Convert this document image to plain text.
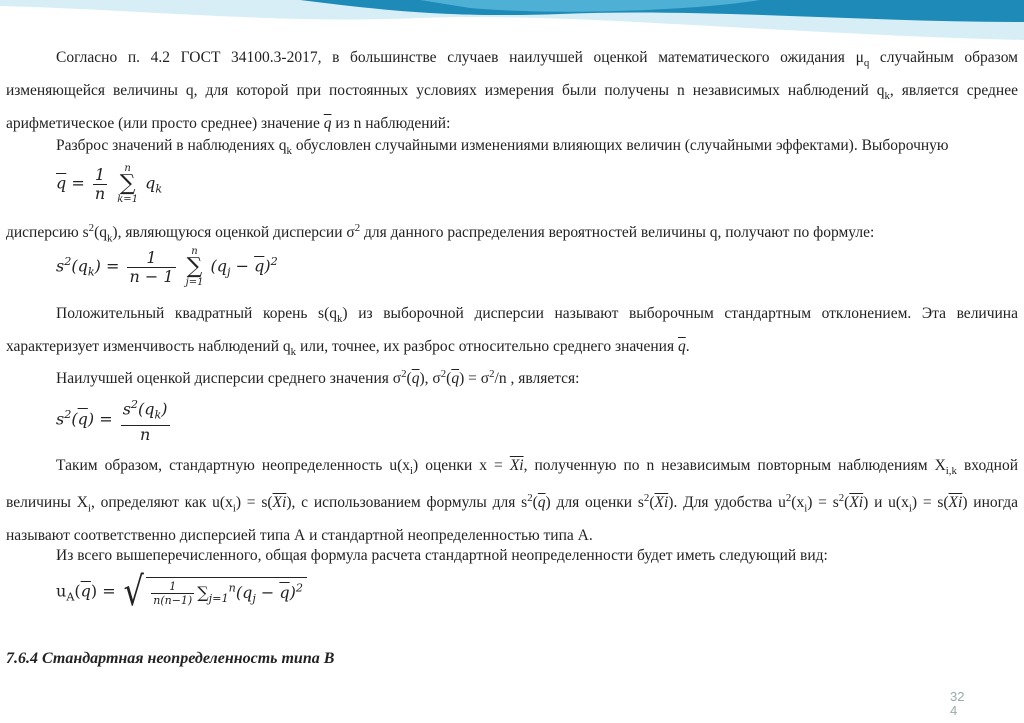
Согласно п. 4.2 ГОСТ 34100.3-2017, в большинстве случаев наилучшей оценкой математического ожидания $\mu_q$ случайным образом изменяющейся величины q, для которой при постоянных условиях измерения были получены n независимых наблюдений $q_k$, является среднее арифметическое (или просто среднее) значение $\overline{q}$ из n наблюдений:

Разброс значений в наблюдениях $q_k$ обусловлен случайными изменениями влияющих величин (случайными эффектами). Выборочную

$\overline{q} = \frac{1}{n}$
	n
∑
k=1
$q_k$

дисперсию $s^2(q_k)$, являющуюся оценкой дисперсии $\sigma^2$ для данного распределения вероятностей величины q, получают по формуле:

$s^2(q_k) = \frac{1}{n - 1}$
	n
∑
j=1
$(q_j - \overline{q})^2$

Положительный квадратный корень $s(q_k)$ из выборочной дисперсии называют выборочным стандартным отклонением. Эта величина характеризует изменчивость наблюдений $q_k$ или, точнее, их разброс относительно среднего значения $\overline{q}$.

Наилучшей оценкой дисперсии среднего значения $\sigma^2(\overline{q})$, $\sigma^2(\overline{q}) = \sigma^2/n$ , является:

$s^2(\overline{q}) = \frac{s^2(q_k)}{n}$

Таким образом, стандартную неопределенность $u(x_i)$ оценки $x = \overline{Xi}$, полученную по n независимым повторным наблюдениям $X_{i,k}$ входной величины $X_i$, определяют как $u(x_i) = s(\overline{Xi})$, с использованием формулы для $s^2(\overline{q})$ для оценки $s^2(\overline{Xi})$. Для удобства $u^2(x_i) = s^2(\overline{Xi})$ и $u(x_i) = s(\overline{Xi})$ иногда называют соответственно дисперсией типа А и стандартной неопределенностью типа А.

Из всего вышеперечисленного, общая формула расчета стандартной неопределенности будет иметь следующий вид:

$u_A(\overline{q})$ = √ $\frac{1}{n(n-1)} \sum_{j=1}^n(q_j - \overline{q})^2$
7.6.4 Стандартная неопределенность типа В
32
4
